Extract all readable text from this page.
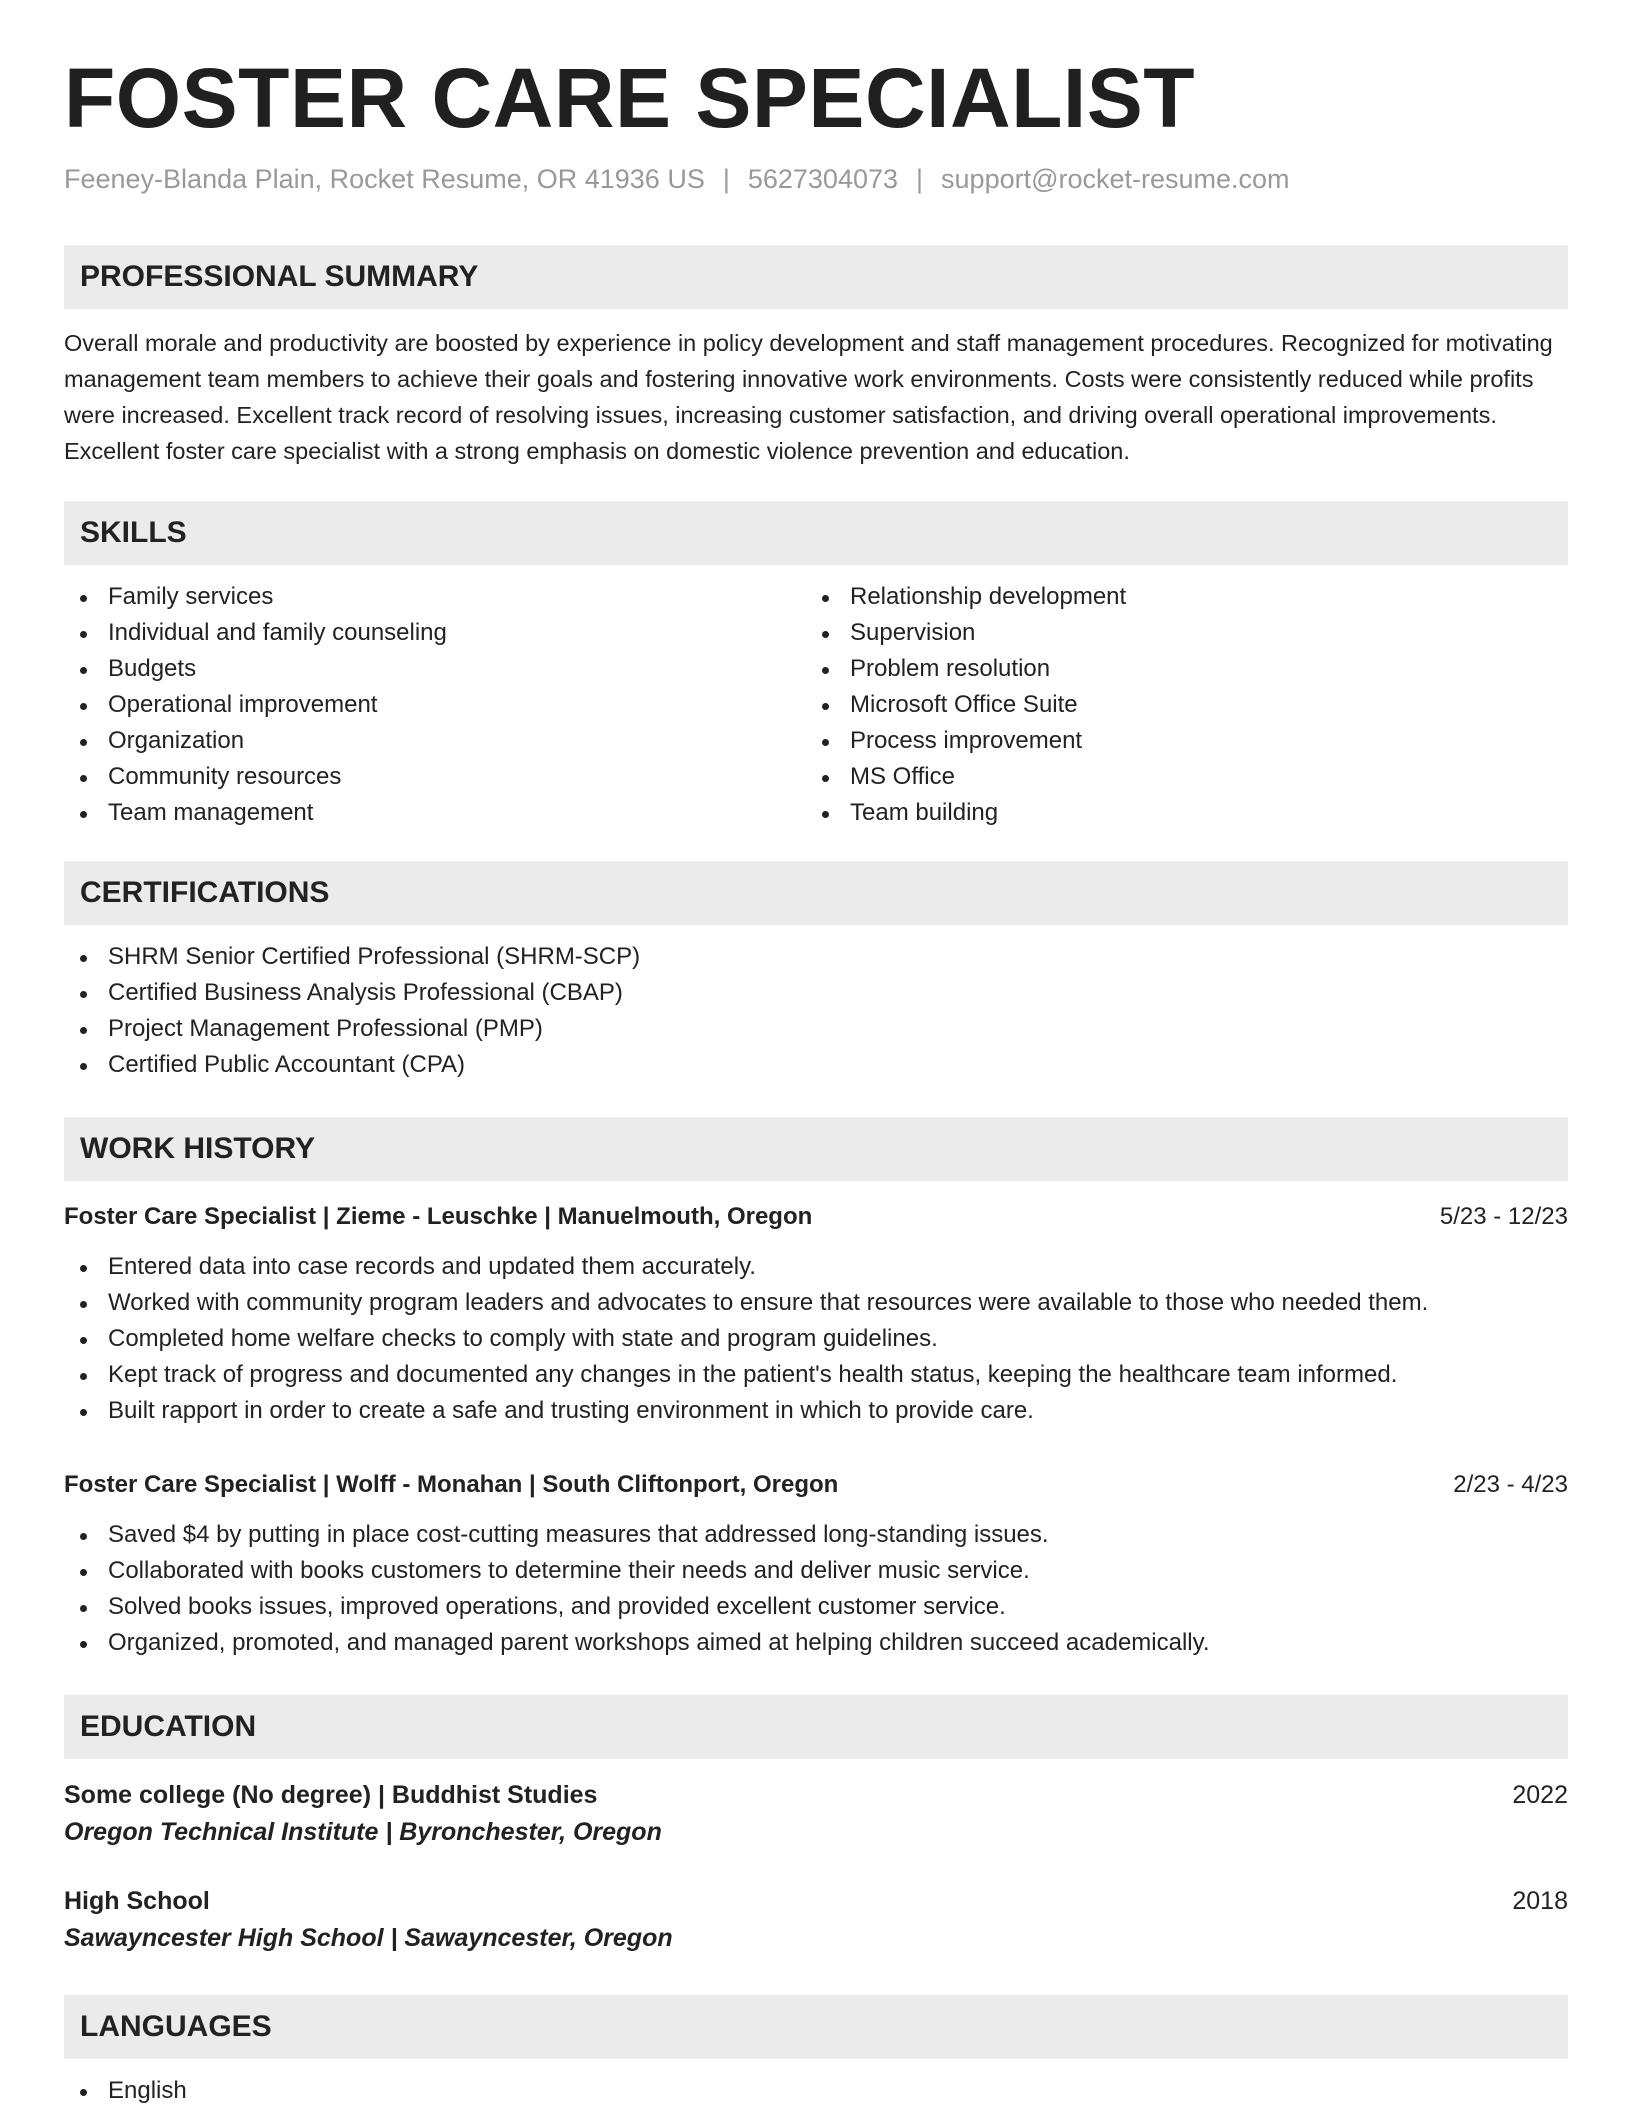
FOSTER CARE SPECIALIST
Feeney-Blanda Plain, Rocket Resume, OR 41936 US | 5627304073 | support@rocket-resume.com
PROFESSIONAL SUMMARY

Overall morale and productivity are boosted by experience in policy development and staff management procedures. Recognized for motivating management team members to achieve their goals and fostering innovative work environments. Costs were consistently reduced while profits were increased. Excellent track record of resolving issues, increasing customer satisfaction, and driving overall operational improvements. Excellent foster care specialist with a strong emphasis on domestic violence prevention and education.

SKILLS
Family services
Individual and family counseling
Budgets
Operational improvement
Organization
Community resources
Team management
Relationship development
Supervision
Problem resolution
Microsoft Office Suite
Process improvement
MS Office
Team building
CERTIFICATIONS
SHRM Senior Certified Professional (SHRM-SCP)
Certified Business Analysis Professional (CBAP)
Project Management Professional (PMP)
Certified Public Accountant (CPA)
WORK HISTORY
Foster Care Specialist | Zieme - Leuschke | Manuelmouth, Oregon	5/23 - 12/23
Entered data into case records and updated them accurately.
Worked with community program leaders and advocates to ensure that resources were available to those who needed them.
Completed home welfare checks to comply with state and program guidelines.
Kept track of progress and documented any changes in the patient's health status, keeping the healthcare team informed.
Built rapport in order to create a safe and trusting environment in which to provide care.
Foster Care Specialist | Wolff - Monahan | South Cliftonport, Oregon	2/23 - 4/23
Saved $4 by putting in place cost-cutting measures that addressed long-standing issues.
Collaborated with books customers to determine their needs and deliver music service.
Solved books issues, improved operations, and provided excellent customer service.
Organized, promoted, and managed parent workshops aimed at helping children succeed academically.
EDUCATION
Some college (No degree) | Buddhist Studies	2022
Oregon Technical Institute | Byronchester, Oregon
High School	2018
Sawayncester High School | Sawayncester, Oregon
LANGUAGES
English
